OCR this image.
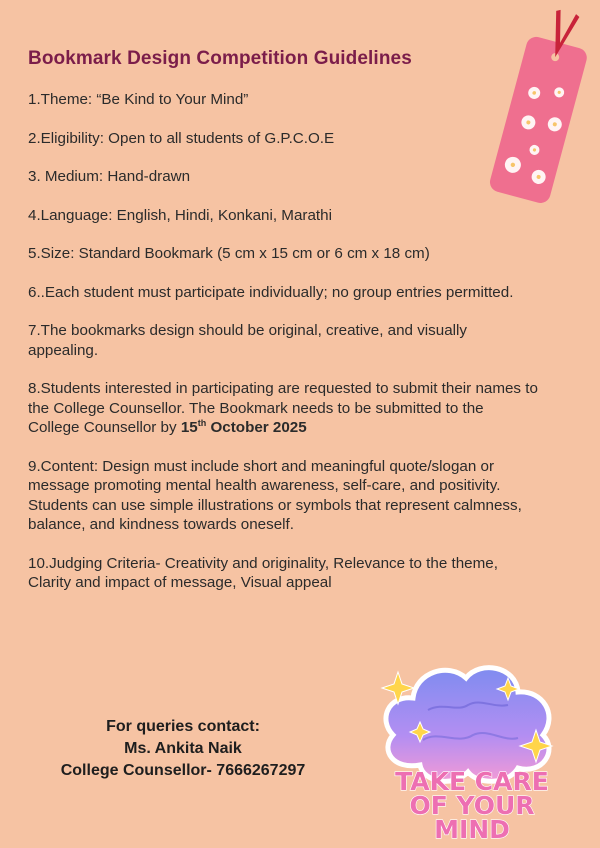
Bookmark Design Competition Guidelines

1.Theme: “Be Kind to Your Mind”

2.Eligibility: Open to all students of G.P.C.O.E

3. Medium: Hand-drawn

4.Language: English, Hindi, Konkani, Marathi

5.Size: Standard Bookmark (5 cm x 15 cm or 6 cm x 18 cm)

6..Each student must participate individually; no group entries permitted.

7.The bookmarks design should be original, creative, and visually appealing.

8.Students interested in participating are requested to submit their names to the College Counsellor. The Bookmark needs to be submitted to the College Counsellor by 15th October 2025

9.Content: Design must include short and meaningful quote/slogan or message promoting mental health awareness, self-care, and positivity. Students can use simple illustrations or symbols that represent calmness, balance, and kindness towards oneself.

10.Judging Criteria- Creativity and originality, Relevance to the theme, Clarity and impact of message, Visual appeal

For queries contact:
Ms. Ankita Naik
College Counsellor- 7666267297	TAKE CARE
OF YOUR
MIND
